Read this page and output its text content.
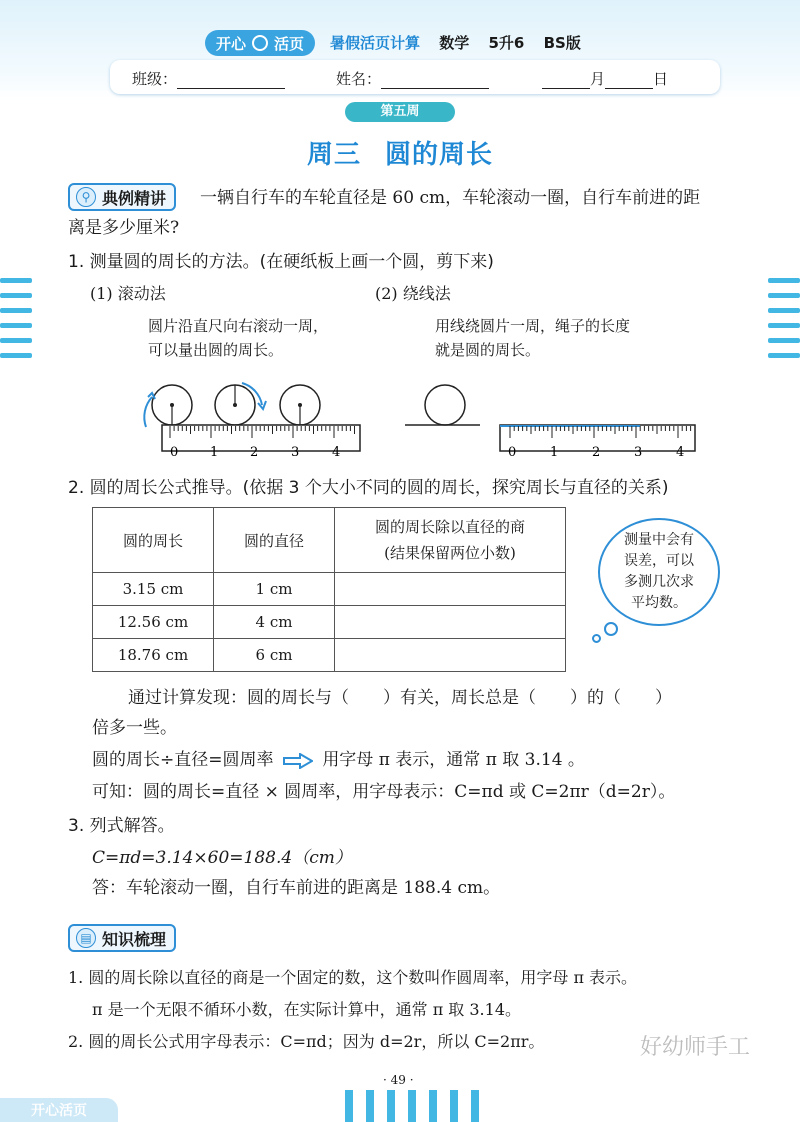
开心 活页 暑假活页计算 数学 5升6 BS版
班级：	姓名：	月	日
第五周
周三 圆的周长
⚲ 典例精讲 一辆自行车的车轮直径是 60 cm，车轮滚动一圈，自行车前进的距
离是多少厘米?
1. 测量圆的周长的方法。(在硬纸板上画一个圆，剪下来)
(1) 滚动法	(2) 绕线法
圆片沿直尺向右滚动一周，
可以量出圆的周长。
用线绕圆片一周，绳子的长度
就是圆的周长。
0 1 2	3	4	0	1	2	3	4
2. 圆的周长公式推导。(依据 3 个大小不同的圆的周长，探究周长与直径的关系)
圆的周长	圆的直径	圆的周长除以直径的商
(结果保留两位小数)

3.15 cm	1 cm	
12.56 cm	4 cm	
18.76 cm	6 cm	
测量中会有
误差，可以
多测几次求
平均数。
通过计算发现：圆的周长与（　　）有关，周长总是（　　）的（　　）
倍多一些。
圆的周长÷直径=圆周率	用字母 π 表示，通常 π 取 3.14 。
可知：圆的周长=直径 × 圆周率，用字母表示：C=πd 或 C=2πr（d=2r）。
3. 列式解答。
C=πd=3.14×60=188.4（cm）
答：车轮滚动一圈，自行车前进的距离是 188.4 cm。
▤ 知识梳理
1. 圆的周长除以直径的商是一个固定的数，这个数叫作圆周率，用字母 π 表示。
π 是一个无限不循环小数，在实际计算中，通常 π 取 3.14。
2. 圆的周长公式用字母表示：C=πd；因为 d=2r，所以 C=2πr。	好幼师手工
· 49 ·
开心活页
